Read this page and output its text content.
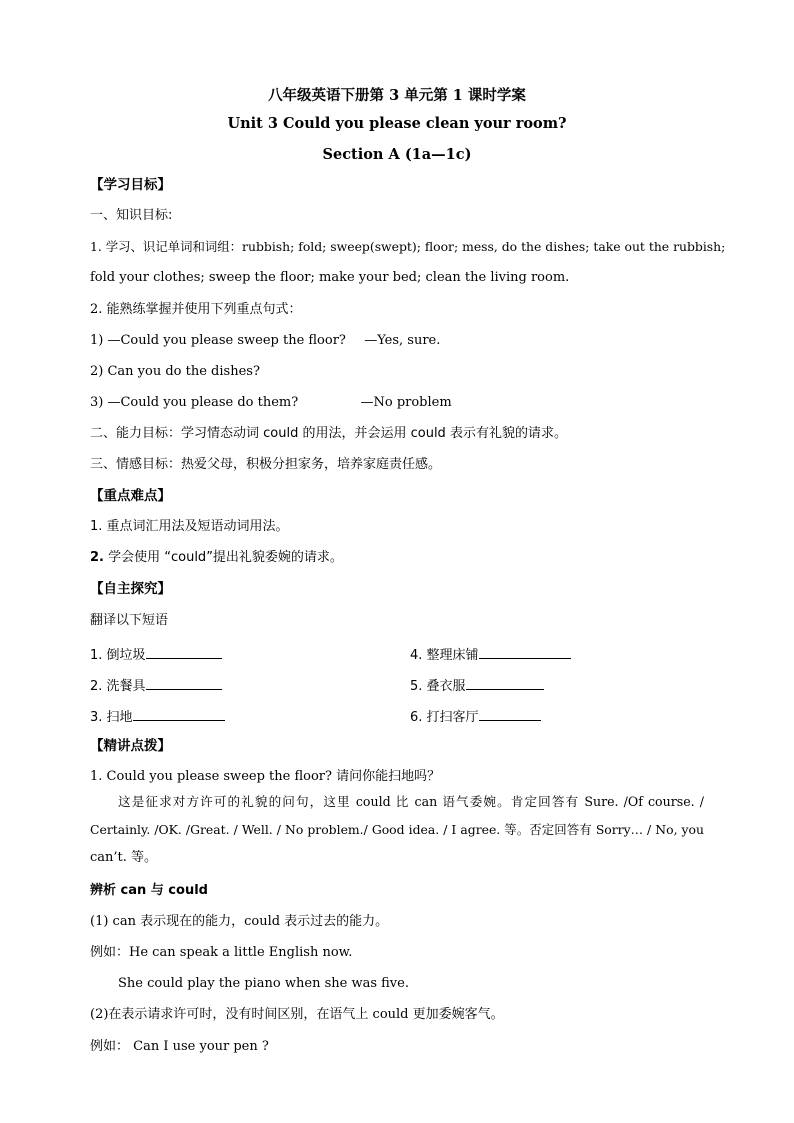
八年级英语下册第 3 单元第 1 课时学案
Unit 3 Could you please clean your room?
Section A (1a—1c)
【学习目标】
一、知识目标:
1. 学习、识记单词和词组：rubbish; fold; sweep(swept); floor; mess, do the dishes; take out the rubbish;
fold your clothes; sweep the floor; make your bed; clean the living room.
2. 能熟练掌握并使用下列重点句式：
1) —Could you please sweep the floor? —Yes, sure.
2) Can you do the dishes?
3) —Could you please do them?	—No problem
二、能力目标：学习情态动词 could 的用法，并会运用 could 表示有礼貌的请求。
三、情感目标：热爱父母，积极分担家务，培养家庭责任感。
【重点难点】
1. 重点词汇用法及短语动词用法。
2. 学会使用 “could”提出礼貌委婉的请求。
【自主探究】
翻译以下短语
1. 倒垃圾	4. 整理床铺
2. 洗餐具	5. 叠衣服
3. 扫地	6. 打扫客厅
【精讲点拨】
1. Could you please sweep the floor? 请问你能扫地吗？
这是征求对方许可的礼貌的问句，这里 could 比 can 语气委婉。肯定回答有 Sure. /Of course. /
Certainly. /OK. /Great. / Well. / No problem./ Good idea. / I agree. 等。否定回答有 Sorry… / No, you
can’t. 等。
辨析 can 与 could
(1) can 表示现在的能力，could 表示过去的能力。
例如：He can speak a little English now.
She could play the piano when she was five.
(2)在表示请求许可时，没有时间区别，在语气上 could 更加委婉客气。
例如： Can I use your pen ?
